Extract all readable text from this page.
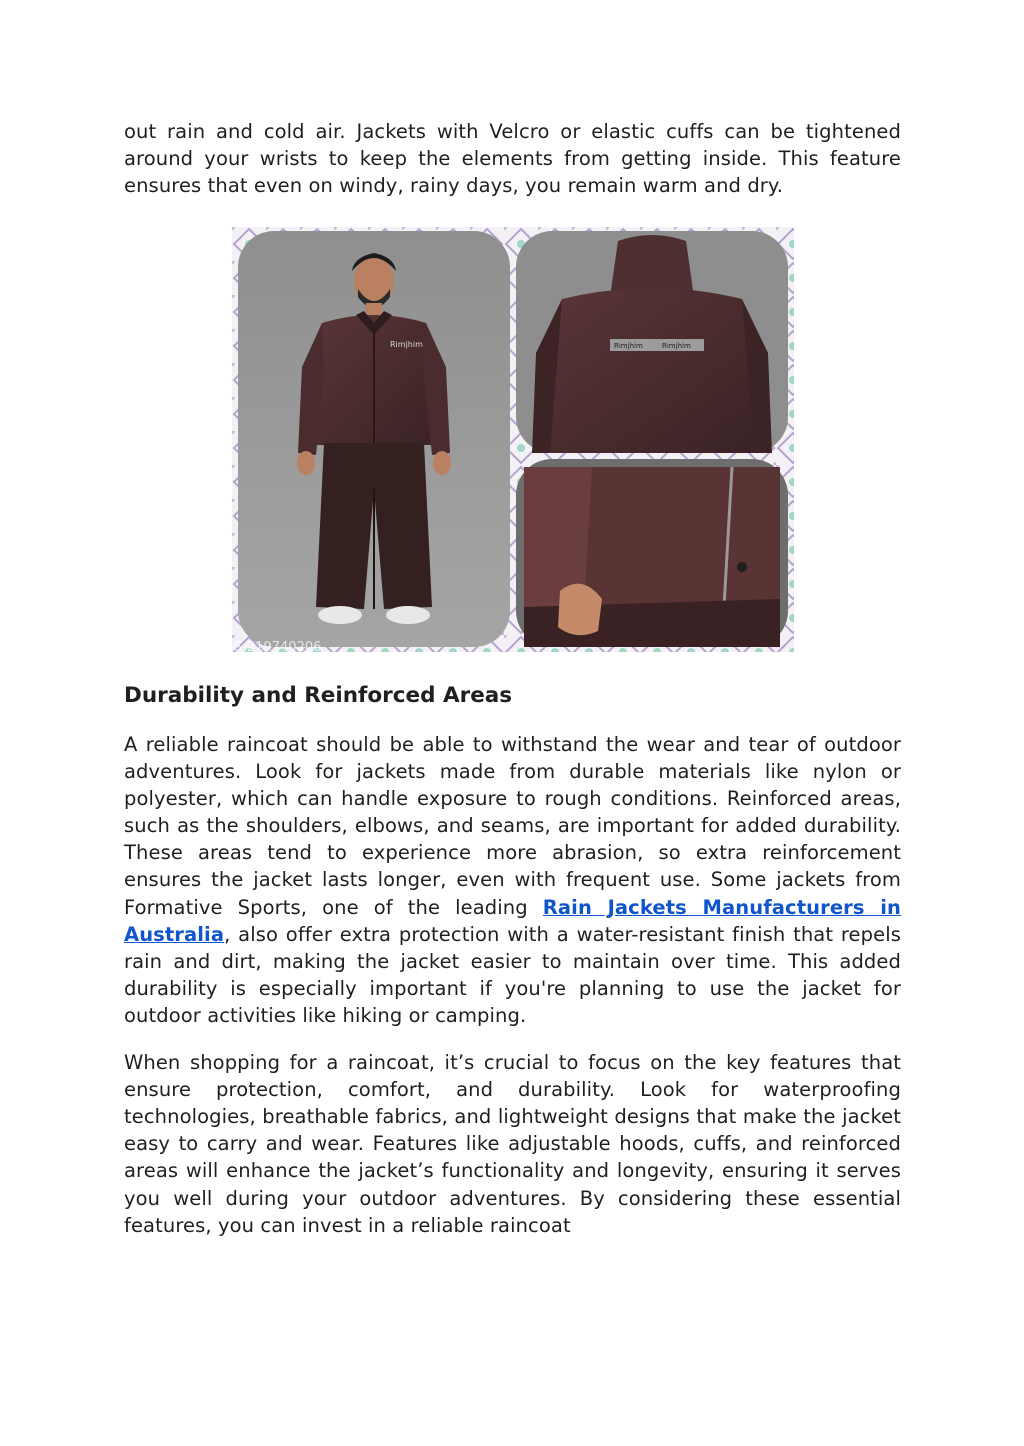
out rain and cold air. Jackets with Velcro or elastic cuffs can be tightened around your wrists to keep the elements from getting inside. This feature ensures that even on windy, rainy days, you remain warm and dry.

Rimjhim
S-219740206
Rimjhim	Rimjhim
Durability and Reinforced Areas

A reliable raincoat should be able to withstand the wear and tear of outdoor adventures. Look for jackets made from durable materials like nylon or polyester, which can handle exposure to rough conditions. Reinforced areas, such as the shoulders, elbows, and seams, are important for added durability. These areas tend to experience more abrasion, so extra reinforcement ensures the jacket lasts longer, even with frequent use. Some jackets from Formative Sports, one of the leading Rain Jackets Manufacturers in Australia, also offer extra protection with a water-resistant finish that repels rain and dirt, making the jacket easier to maintain over time. This added durability is especially important if you're planning to use the jacket for outdoor activities like hiking or camping.

When shopping for a raincoat, it’s crucial to focus on the key features that ensure protection, comfort, and durability. Look for waterproofing technologies, breathable fabrics, and lightweight designs that make the jacket easy to carry and wear. Features like adjustable hoods, cuffs, and reinforced areas will enhance the jacket’s functionality and longevity, ensuring it serves you well during your outdoor adventures. By considering these essential features, you can invest in a reliable raincoat
